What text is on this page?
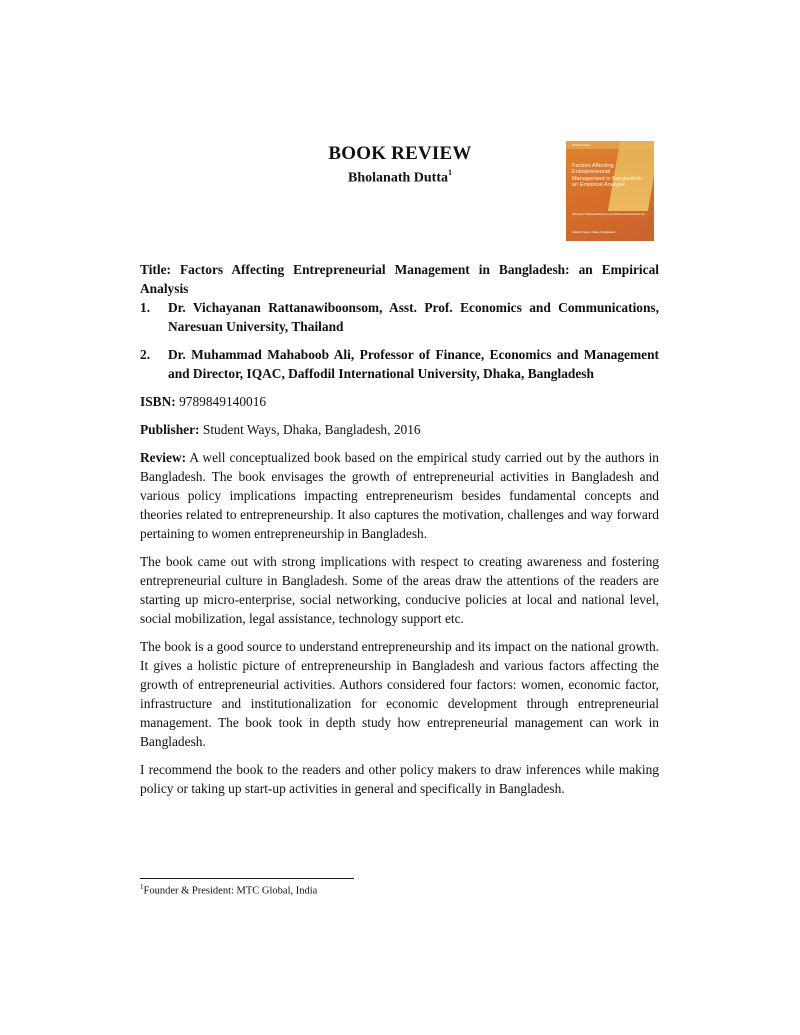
BOOK REVIEW
Bholanath Dutta$^1$
Student Ways
Factors Affecting Entrepreneurial Management in Bangladesh: an Empirical Analysis
Vichayanan Rattanawiboonsom and Muhammad Mahaboob Ali
Student Ways, Dhaka, Bangladesh

Title: Factors Affecting Entrepreneurial Management in Bangladesh: an Empirical Analysis

1. Dr. Vichayanan Rattanawiboonsom, Asst. Prof. Economics and Communications, Naresuan University, Thailand
2. Dr. Muhammad Mahaboob Ali, Professor of Finance, Economics and Management and Director, IQAC, Daffodil International University, Dhaka, Bangladesh

ISBN: 9789849140016

Publisher: Student Ways, Dhaka, Bangladesh, 2016

Review: A well conceptualized book based on the empirical study carried out by the authors in Bangladesh. The book envisages the growth of entrepreneurial activities in Bangladesh and various policy implications impacting entrepreneurism besides fundamental concepts and theories related to entrepreneurship. It also captures the motivation, challenges and way forward pertaining to women entrepreneurship in Bangladesh.

The book came out with strong implications with respect to creating awareness and fostering entrepreneurial culture in Bangladesh. Some of the areas draw the attentions of the readers are starting up micro-enterprise, social networking, conducive policies at local and national level, social mobilization, legal assistance, technology support etc.

The book is a good source to understand entrepreneurship and its impact on the national growth. It gives a holistic picture of entrepreneurship in Bangladesh and various factors affecting the growth of entrepreneurial activities. Authors considered four factors: women, economic factor, infrastructure and institutionalization for economic development through entrepreneurial management. The book took in depth study how entrepreneurial management can work in Bangladesh.

I recommend the book to the readers and other policy makers to draw inferences while making policy or taking up start-up activities in general and specifically in Bangladesh.

$^1$Founder & President: MTC Global, India
